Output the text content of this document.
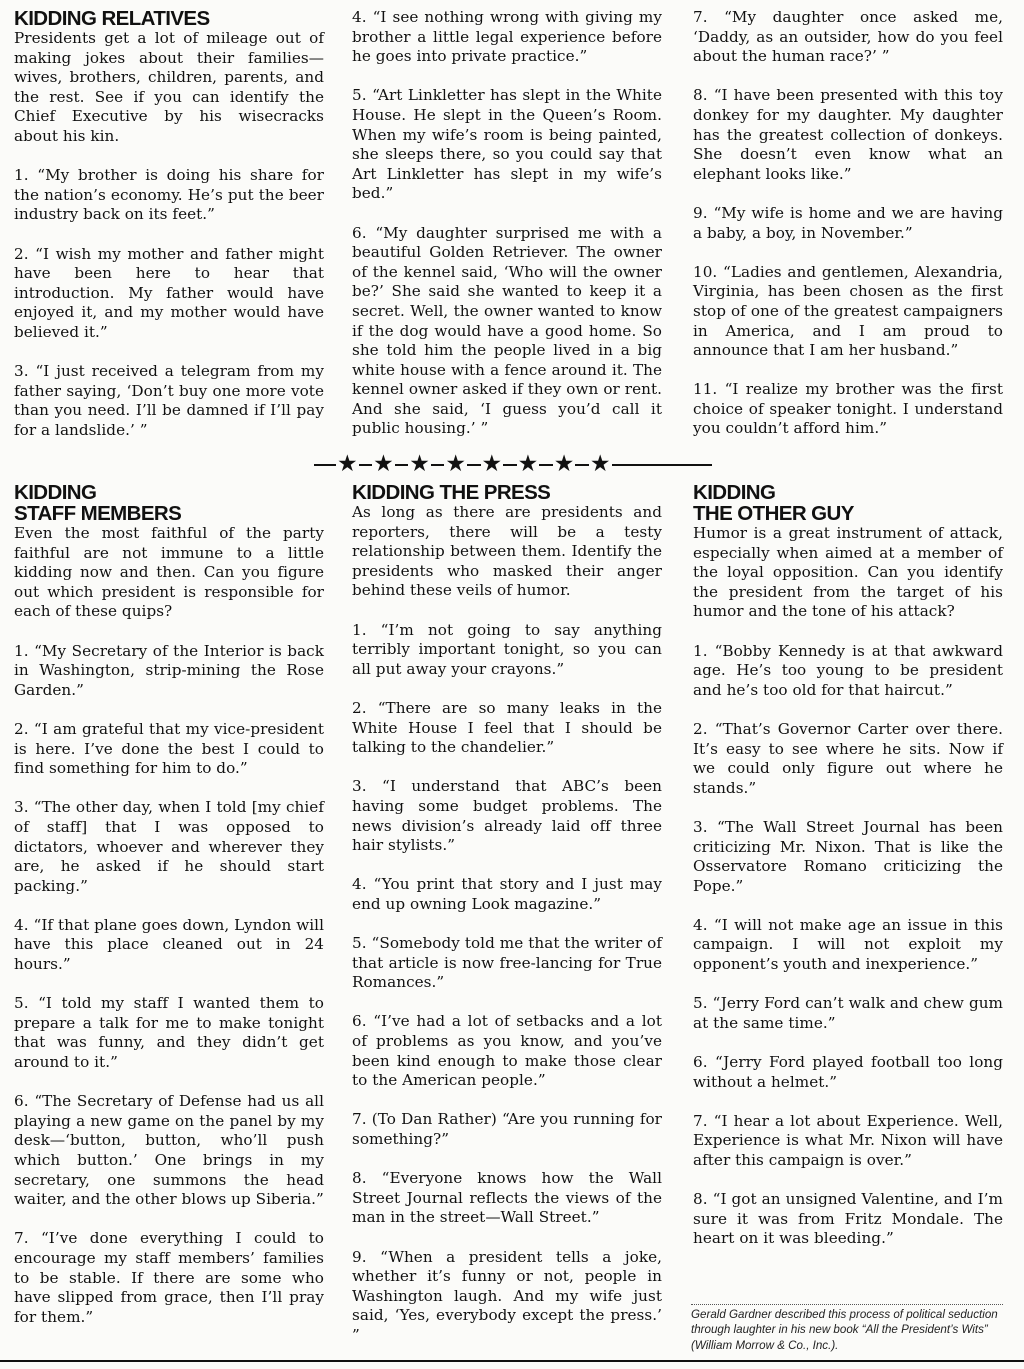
KIDDING RELATIVES

Presidents get a lot of mileage out of making jokes about their families—wives, brothers, children, parents, and the rest. See if you can identify the Chief Executive by his wisecracks about his kin.

1. “My brother is doing his share for the nation’s economy. He’s put the beer industry back on its feet.”

2. “I wish my mother and father might have been here to hear that introduction. My father would have enjoyed it, and my mother would have believed it.”

3. “I just received a telegram from my father saying, ‘Don’t buy one more vote than you need. I’ll be damned if I’ll pay for a landslide.’ ”

4. “I see nothing wrong with giving my brother a little legal experience before he goes into private practice.”

5. “Art Linkletter has slept in the White House. He slept in the Queen’s Room. When my wife’s room is being painted, she sleeps there, so you could say that Art Linkletter has slept in my wife’s bed.”

6. “My daughter surprised me with a beautiful Golden Retriever. The owner of the kennel said, ‘Who will the owner be?’ She said she wanted to keep it a secret. Well, the owner wanted to know if the dog would have a good home. So she told him the people lived in a big white house with a fence around it. The kennel owner asked if they own or rent. And she said, ‘I guess you’d call it public housing.’ ”

7. “My daughter once asked me, ‘Daddy, as an outsider, how do you feel about the human race?’ ”

8. “I have been presented with this toy donkey for my daughter. My daughter has the greatest collection of donkeys. She doesn’t even know what an elephant looks like.”

9. “My wife is home and we are having a baby, a boy, in November.”

10. “Ladies and gentlemen, Alexandria, Virginia, has been chosen as the first stop of one of the greatest campaigners in America, and I am proud to announce that I am her husband.”

11. “I realize my brother was the first choice of speaker tonight. I understand you couldn’t afford him.”

★ ★ ★ ★ ★ ★ ★ ★
KIDDING
STAFF MEMBERS

Even the most faithful of the party faithful are not immune to a little kidding now and then. Can you figure out which president is responsible for each of these quips?

1. “My Secretary of the Interior is back in Washington, strip-mining the Rose Garden.”

2. “I am grateful that my vice-president is here. I’ve done the best I could to find something for him to do.”

3. “The other day, when I told [my chief of staff] that I was opposed to dictators, whoever and wherever they are, he asked if he should start packing.”

4. “If that plane goes down, Lyndon will have this place cleaned out in 24 hours.”

5. “I told my staff I wanted them to prepare a talk for me to make tonight that was funny, and they didn’t get around to it.”

6. “The Secretary of Defense had us all playing a new game on the panel by my desk—‘button, button, who’ll push which button.’ One brings in my secretary, one summons the head waiter, and the other blows up Siberia.”

7. “I’ve done everything I could to encourage my staff members’ families to be stable. If there are some who have slipped from grace, then I’ll pray for them.”

KIDDING THE PRESS

As long as there are presidents and reporters, there will be a testy relationship between them. Identify the presidents who masked their anger behind these veils of humor.

1. “I’m not going to say anything terribly important tonight, so you can all put away your crayons.”

2. “There are so many leaks in the White House I feel that I should be talking to the chandelier.”

3. “I understand that ABC’s been having some budget problems. The news division’s already laid off three hair stylists.”

4. “You print that story and I just may end up owning Look magazine.”

5. “Somebody told me that the writer of that article is now free-lancing for True Romances.”

6. “I’ve had a lot of setbacks and a lot of problems as you know, and you’ve been kind enough to make those clear to the American people.”

7. (To Dan Rather) “Are you running for something?”

8. “Everyone knows how the Wall Street Journal reflects the views of the man in the street—Wall Street.”

9. “When a president tells a joke, whether it’s funny or not, people in Washington laugh. And my wife just said, ‘Yes, everybody except the press.’ ”

KIDDING
THE OTHER GUY

Humor is a great instrument of attack, especially when aimed at a member of the loyal opposition. Can you identify the president from the target of his humor and the tone of his attack?

1. “Bobby Kennedy is at that awkward age. He’s too young to be president and he’s too old for that haircut.”

2. “That’s Governor Carter over there. It’s easy to see where he sits. Now if we could only figure out where he stands.”

3. “The Wall Street Journal has been criticizing Mr. Nixon. That is like the Osservatore Romano criticizing the Pope.”

4. “I will not make age an issue in this campaign. I will not exploit my opponent’s youth and inexperience.”

5. “Jerry Ford can’t walk and chew gum at the same time.”

6. “Jerry Ford played football too long without a helmet.”

7. “I hear a lot about Experience. Well, Experience is what Mr. Nixon will have after this campaign is over.”

8. “I got an unsigned Valentine, and I’m sure it was from Fritz Mondale. The heart on it was bleeding.”

Gerald Gardner described this process of political seduction through laughter in his new book “All the President’s Wits” (William Morrow & Co., Inc.).
